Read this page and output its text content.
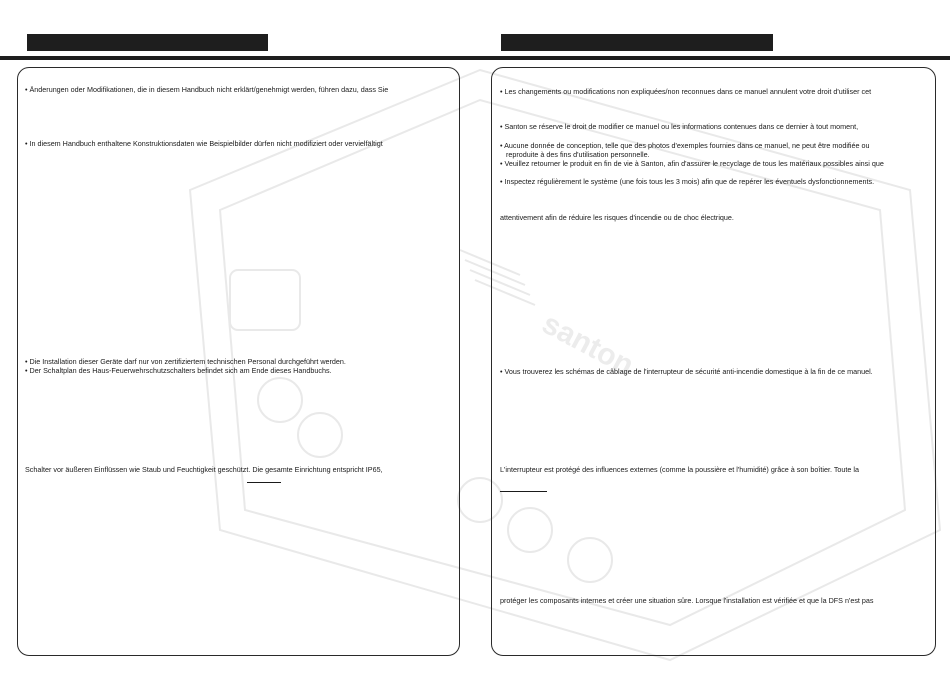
santon

• Änderungen oder Modifikationen, die in diesem Handbuch nicht erklärt/genehmigt werden, führen dazu, dass Sie

• In diesem Handbuch enthaltene Konstruktionsdaten wie Beispielbilder dürfen nicht modifiziert oder vervielfältigt

• Die Installation dieser Geräte darf nur von zertifiziertem technischen Personal durchgeführt werden.

• Der Schaltplan des Haus-Feuerwehrschutzschalters befindet sich am Ende dieses Handbuchs.

Schalter vor äußeren Einflüssen wie Staub und Feuchtigkeit geschützt. Die gesamte Einrichtung entspricht IP65,

• Les changements ou modifications non expliquées/non reconnues dans ce manuel annulent votre droit d'utiliser cet

• Santon se réserve le droit de modifier ce manuel ou les informations contenues dans ce dernier à tout moment,

• Aucune donnée de conception, telle que des photos d'exemples fournies dans ce manuel, ne peut être modifiée ou

reproduite à des fins d'utilisation personnelle.

• Veuillez retourner le produit en fin de vie à Santon, afin d'assurer le recyclage de tous les matériaux possibles ainsi que

• Inspectez régulièrement le système (une fois tous les 3 mois) afin que de repérer les éventuels dysfonctionnements.

attentivement afin de réduire les risques d'incendie ou de choc électrique.

• Vous trouverez les schémas de câblage de l'interrupteur de sécurité anti-incendie domestique à la fin de ce manuel.

L'interrupteur est protégé des influences externes (comme la poussière et l'humidité) grâce à son boîtier. Toute la

protéger les composants internes et créer une situation sûre. Lorsque l'installation est vérifiée et que la DFS n'est pas
